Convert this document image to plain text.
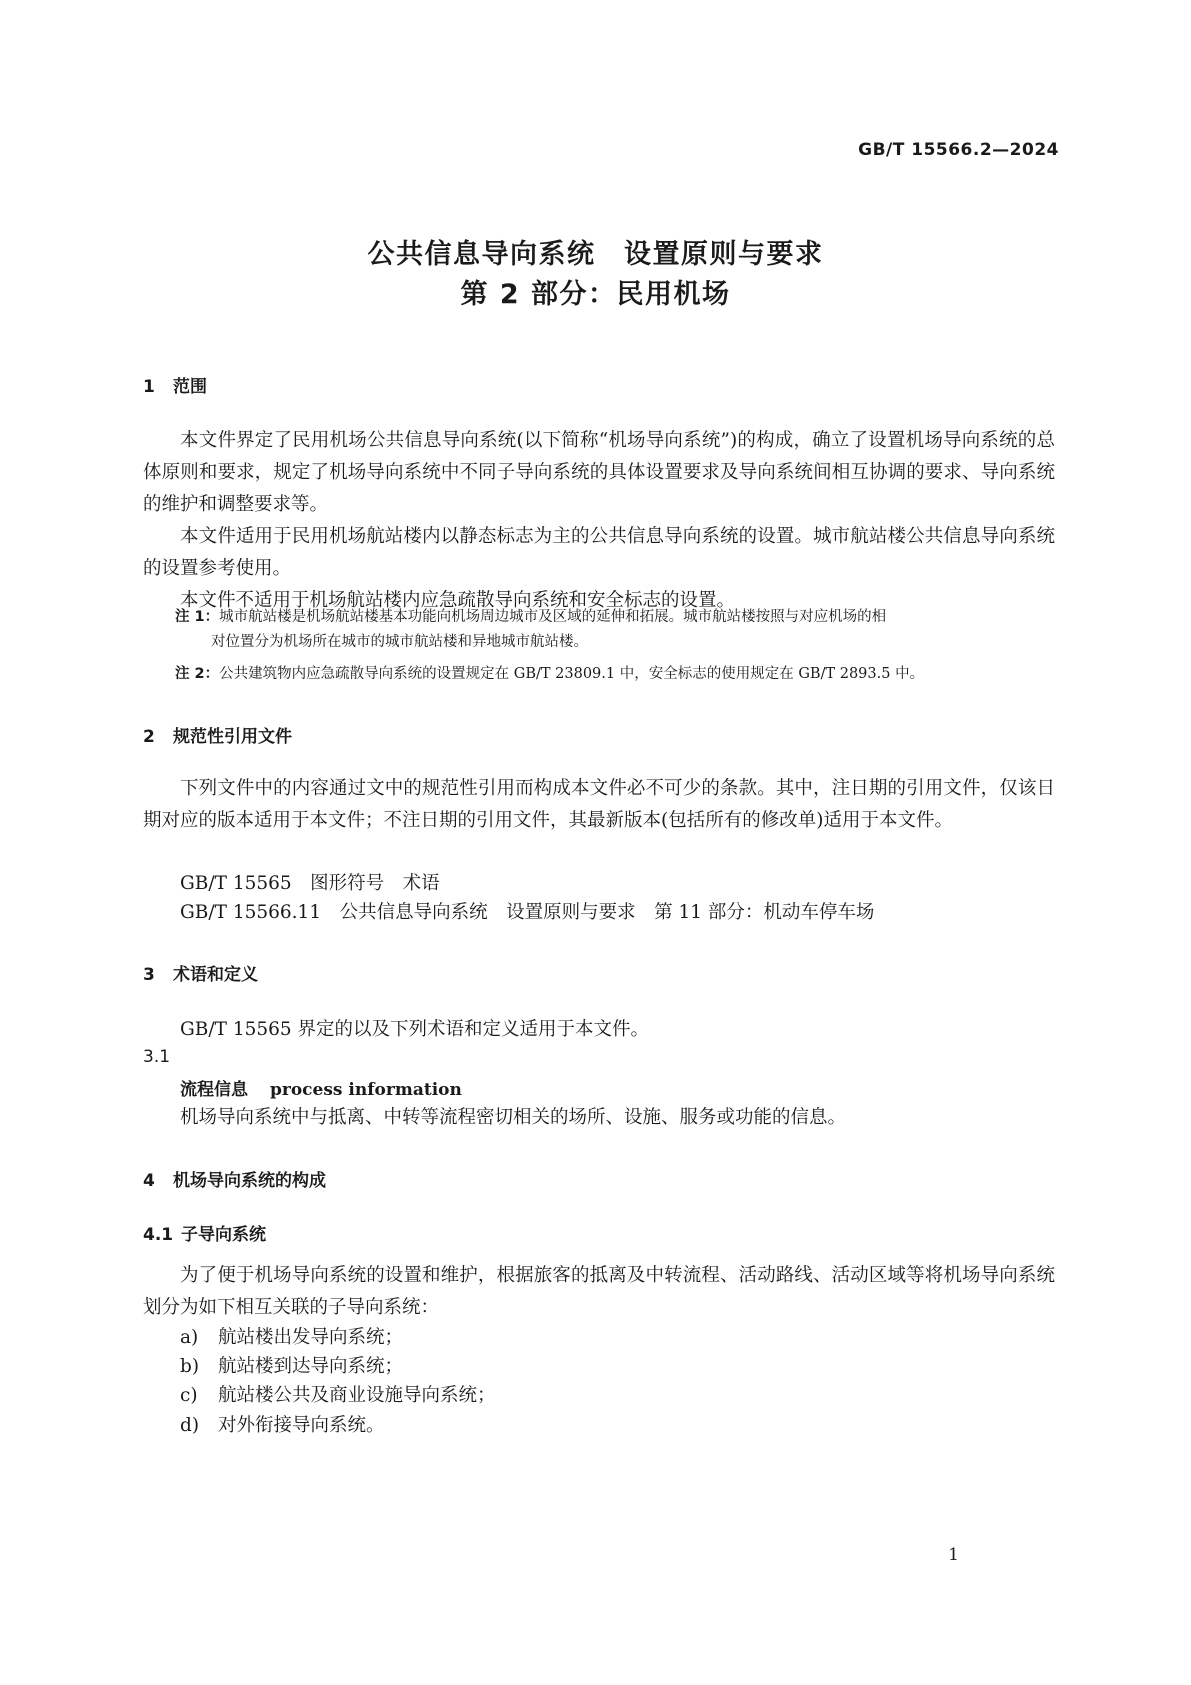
GB/T 15566.2—2024
公共信息导向系统　设置原则与要求
第 2 部分：民用机场
1 范围

本文件界定了民用机场公共信息导向系统(以下简称“机场导向系统”)的构成，确立了设置机场导向系统的总体原则和要求，规定了机场导向系统中不同子导向系统的具体设置要求及导向系统间相互协调的要求、导向系统的维护和调整要求等。

本文件适用于民用机场航站楼内以静态标志为主的公共信息导向系统的设置。城市航站楼公共信息导向系统的设置参考使用。

本文件不适用于机场航站楼内应急疏散导向系统和安全标志的设置。

注 1：城市航站楼是机场航站楼基本功能向机场周边城市及区域的延伸和拓展。城市航站楼按照与对应机场的相
对位置分为机场所在城市的城市航站楼和异地城市航站楼。
注 2：公共建筑物内应急疏散导向系统的设置规定在 GB/T 23809.1 中，安全标志的使用规定在 GB/T 2893.5 中。
2 规范性引用文件

下列文件中的内容通过文中的规范性引用而构成本文件必不可少的条款。其中，注日期的引用文件，仅该日期对应的版本适用于本文件；不注日期的引用文件，其最新版本(包括所有的修改单)适用于本文件。

GB/T 15565　图形符号　术语
GB/T 15566.11　公共信息导向系统　设置原则与要求　第 11 部分：机动车停车场
3 术语和定义
GB/T 15565 界定的以及下列术语和定义适用于本文件。
3.1
流程信息 process information
机场导向系统中与抵离、中转等流程密切相关的场所、设施、服务或功能的信息。
4 机场导向系统的构成
4.1 子导向系统

为了便于机场导向系统的设置和维护，根据旅客的抵离及中转流程、活动路线、活动区域等将机场导向系统划分为如下相互关联的子导向系统：

a) 航站楼出发导向系统；
b) 航站楼到达导向系统；
c) 航站楼公共及商业设施导向系统；
d) 对外衔接导向系统。
1
